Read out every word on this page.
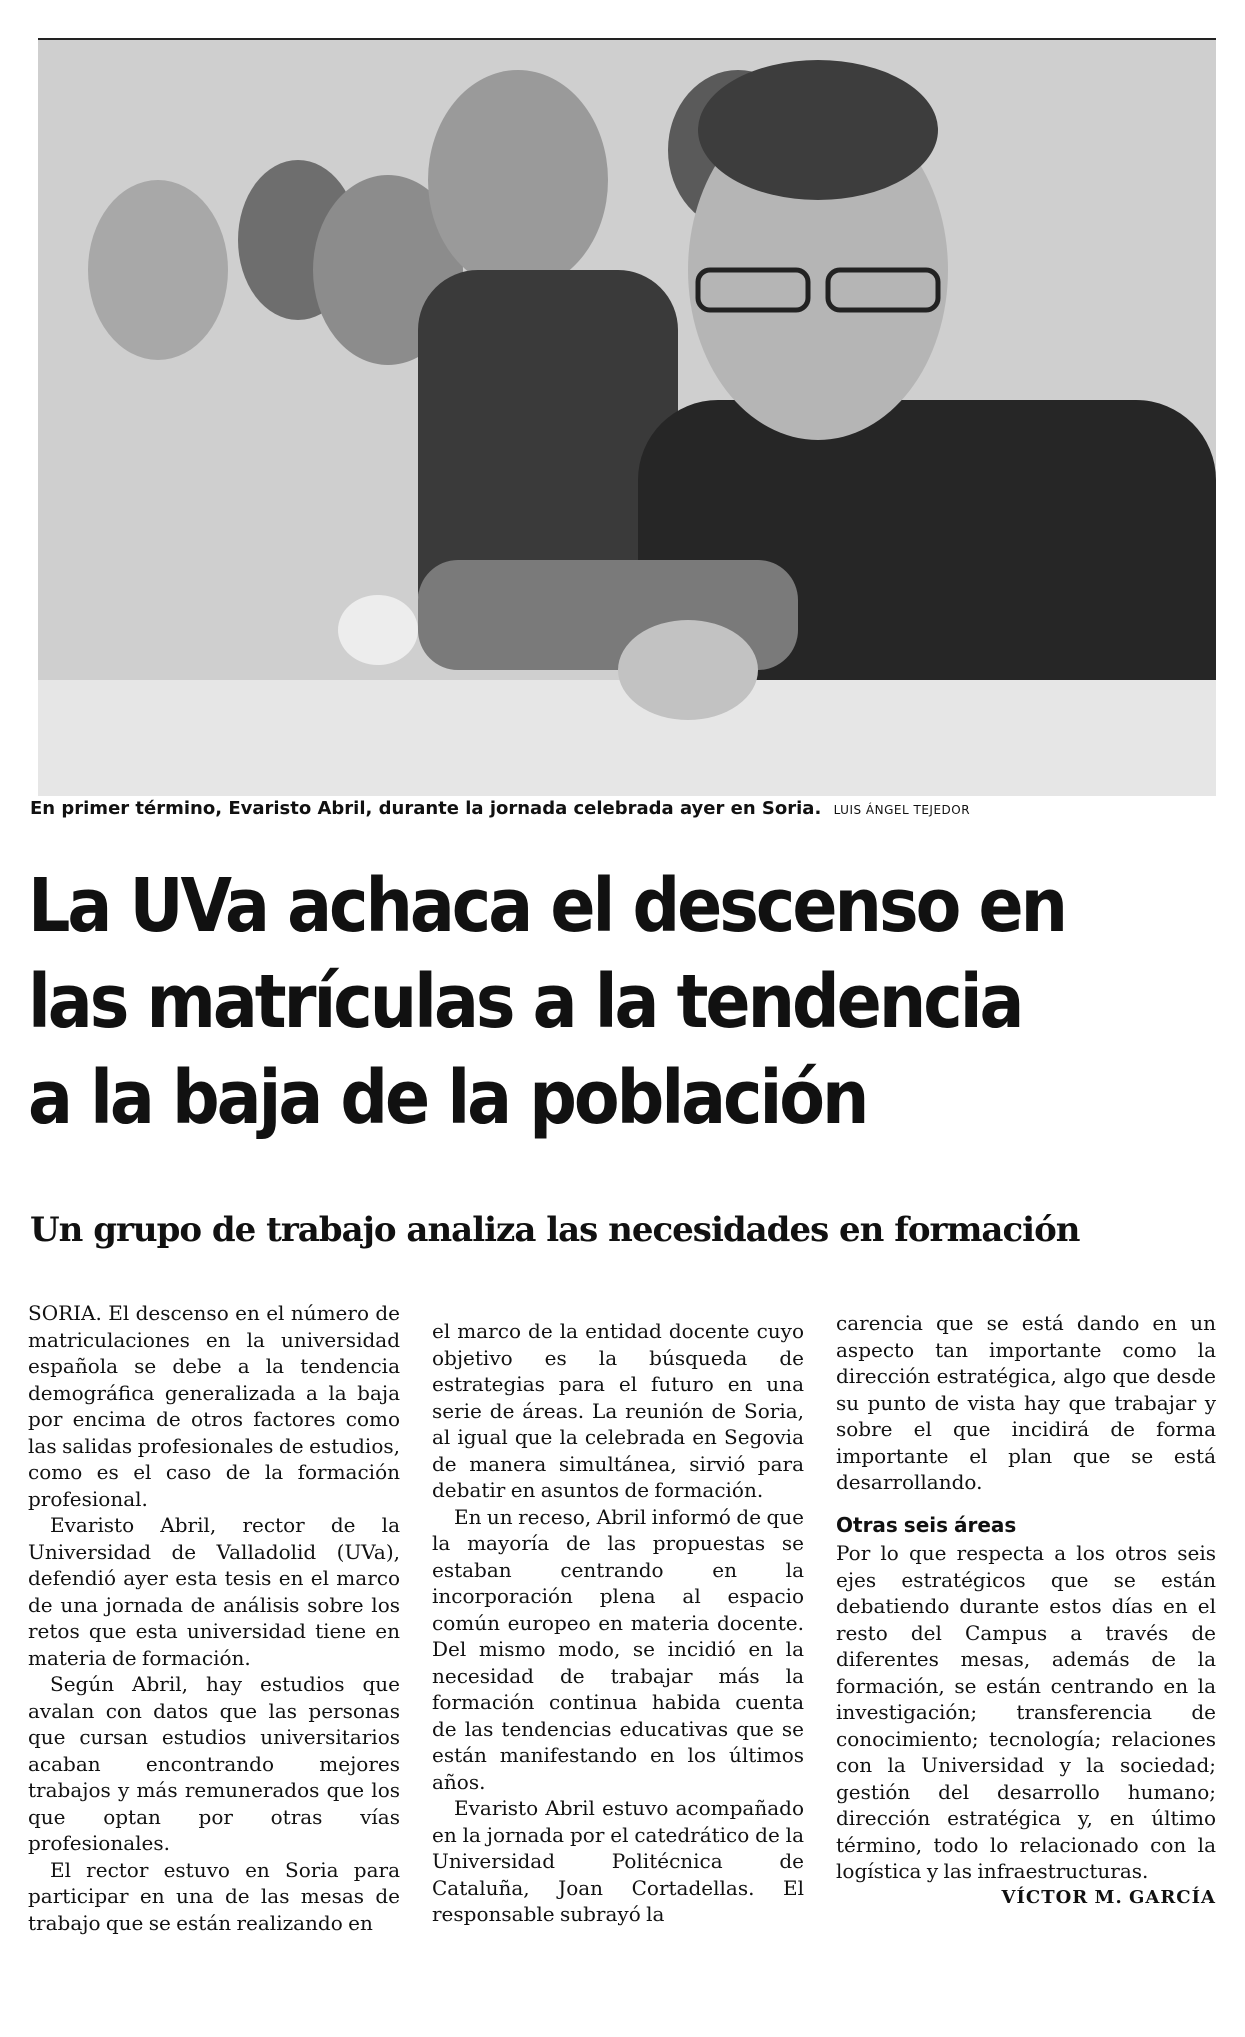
En primer término, Evaristo Abril, durante la jornada celebrada ayer en Soria. LUIS ÁNGEL TEJEDOR
La UVa achaca el descenso en
las matrículas a la tendencia
a la baja de la población
Un grupo de trabajo analiza las necesidades en formación

SORIA. El descenso en el número de matriculaciones en la universidad española se debe a la tendencia demográfica generalizada a la baja por encima de otros factores como las salidas profesionales de estudios, como es el caso de la formación profesional.

Evaristo Abril, rector de la Universidad de Valladolid (UVa), defendió ayer esta tesis en el marco de una jornada de análisis sobre los retos que esta universidad tiene en materia de formación.

Según Abril, hay estudios que avalan con datos que las personas que cursan estudios universitarios acaban encontrando mejores trabajos y más remunerados que los que optan por otras vías profesionales.

El rector estuvo en Soria para participar en una de las mesas de trabajo que se están realizando en

el marco de la entidad docente cuyo objetivo es la búsqueda de estrategias para el futuro en una serie de áreas. La reunión de Soria, al igual que la celebrada en Segovia de manera simultánea, sirvió para debatir en asuntos de formación.

En un receso, Abril informó de que la mayoría de las propuestas se estaban centrando en la incorporación plena al espacio común europeo en materia docente. Del mismo modo, se incidió en la necesidad de trabajar más la formación continua habida cuenta de las tendencias educativas que se están manifestando en los últimos años.

Evaristo Abril estuvo acompañado en la jornada por el catedrático de la Universidad Politécnica de Cataluña, Joan Cortadellas. El responsable subrayó la

carencia que se está dando en un aspecto tan importante como la dirección estratégica, algo que desde su punto de vista hay que trabajar y sobre el que incidirá de forma importante el plan que se está desarrollando.

Otras seis áreas

Por lo que respecta a los otros seis ejes estratégicos que se están debatiendo durante estos días en el resto del Campus a través de diferentes mesas, además de la formación, se están centrando en la investigación; transferencia de conocimiento; tecnología; relaciones con la Universidad y la sociedad; gestión del desarrollo humano; dirección estratégica y, en último término, todo lo relacionado con la logística y las infraestructuras.

VÍCTOR M. GARCÍA
